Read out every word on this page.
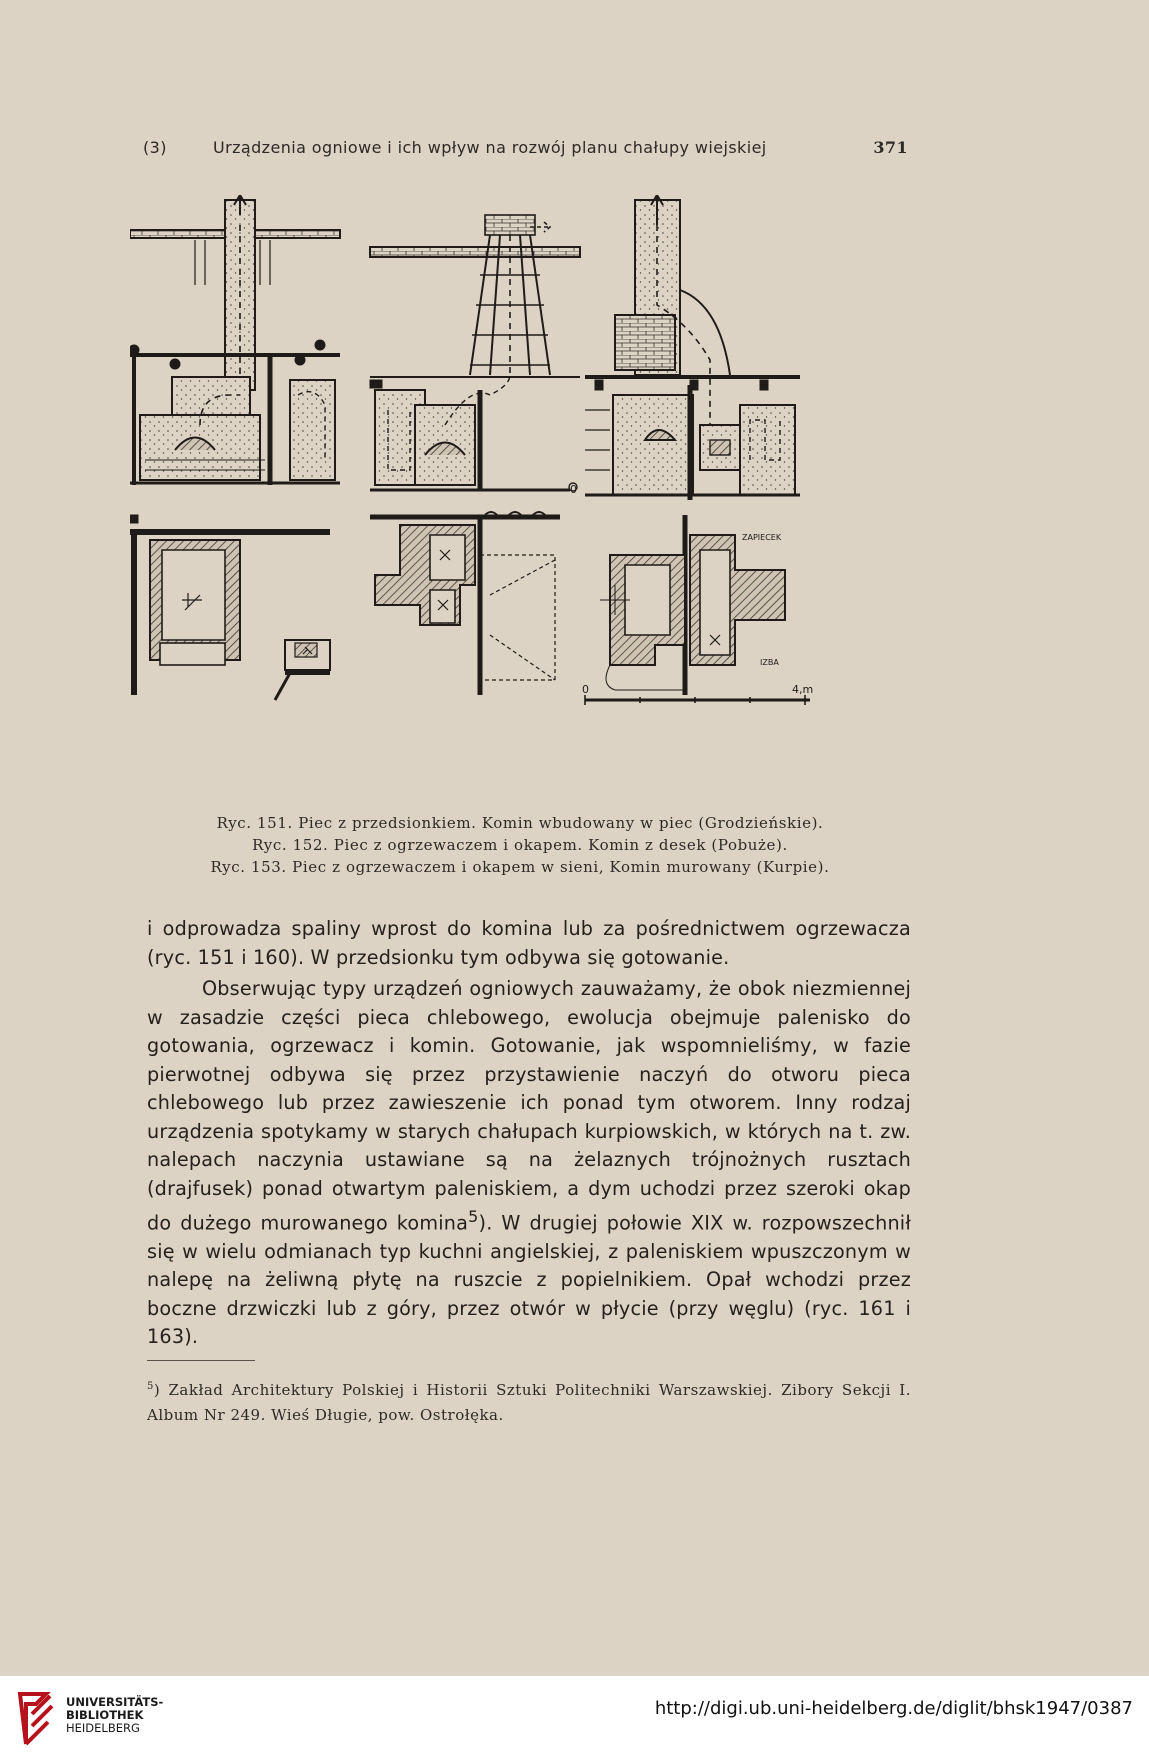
(3)	Urządzenia ogniowe i ich wpływ na rozwój planu chałupy wiejskiej	371
0
ZAPIECEK
IZBA
0	4,m
Ryc. 151. Piec z przedsionkiem. Komin wbudowany w piec (Grodzieńskie).
Ryc. 152. Piec z ogrzewaczem i okapem. Komin z desek (Pobuże).
Ryc. 153. Piec z ogrzewaczem i okapem w sieni, Komin murowany (Kurpie).

i odprowadza spaliny wprost do komina lub za pośrednictwem ogrzewacza (ryc. 151 i 160). W przedsionku tym odbywa się gotowanie.

Obserwując typy urządzeń ogniowych zauważamy, że obok niezmiennej w zasadzie części pieca chlebowego, ewolucja obejmuje palenisko do gotowania, ogrzewacz i komin. Gotowanie, jak wspomnieliśmy, w fazie pierwotnej odbywa się przez przystawienie naczyń do otworu pieca chlebowego lub przez zawieszenie ich ponad tym otworem. Inny rodzaj urządzenia spotykamy w starych chałupach kurpiowskich, w których na t. zw. nalepach naczynia ustawiane są na żelaznych trójnożnych rusztach (drajfusek) ponad otwartym paleniskiem, a dym uchodzi przez szeroki okap do dużego murowanego komina$^5$). W drugiej połowie XIX w. rozpowszechnił się w wielu odmianach typ kuchni angielskiej, z paleniskiem wpuszczonym w nalepę na żeliwną płytę na ruszcie z popielnikiem. Opał wchodzi przez boczne drzwiczki lub z góry, przez otwór w płycie (przy węglu) (ryc. 161 i 163).

$^5$) Zakład Architektury Polskiej i Historii Sztuki Politechniki Warszawskiej. Zibory Sekcji I. Album Nr 249. Wieś Długie, pow. Ostrołęka.
UNIVERSITÄTS-
BIBLIOTHEK
HEIDELBERG
http://digi.ub.uni-heidelberg.de/diglit/bhsk1947/0387
